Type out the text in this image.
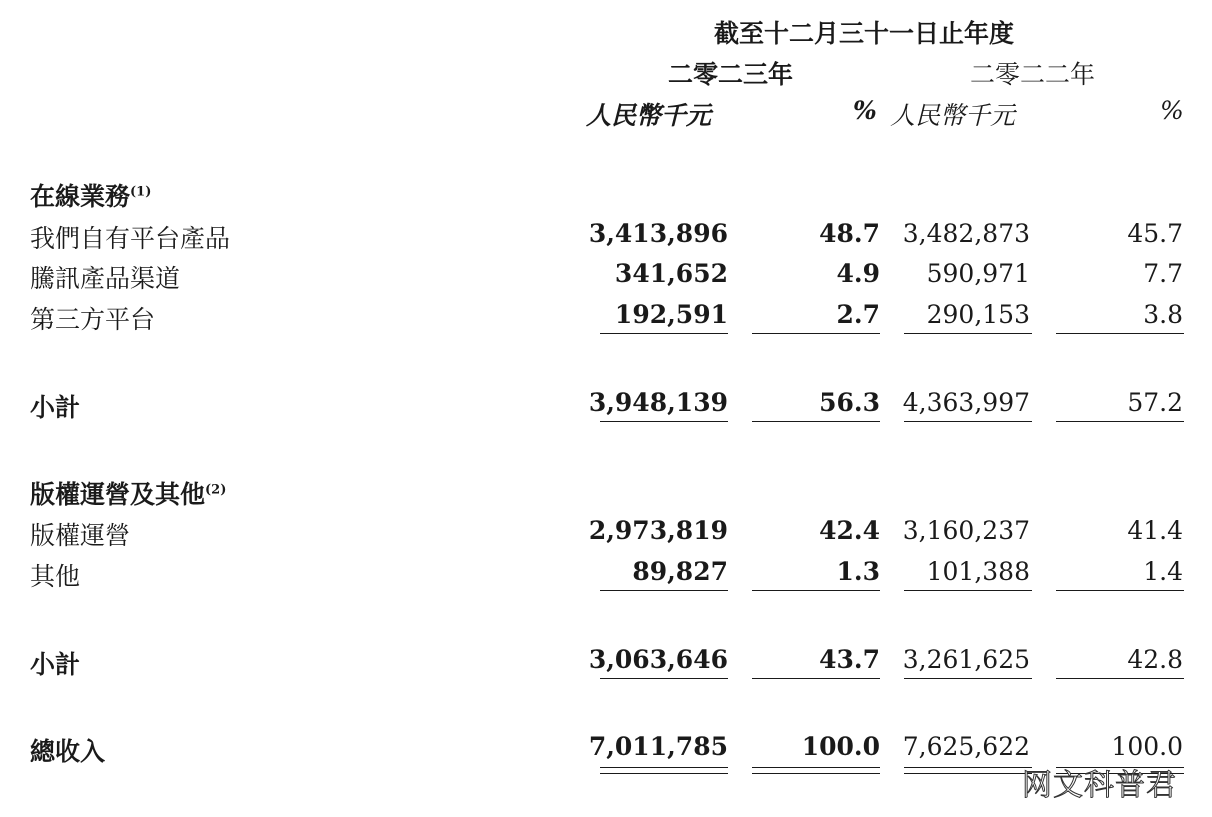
截至十二月三十一日止年度
二零二三年	二零二二年
人民幣千元	% 人民幣千元	%
在線業務$^{(1)}$
我們自有平台產品	3,413,896	48.7 3,482,873	45.7
騰訊產品渠道	341,652	4.9	590,971	7.7
第三方平台	192,591	2.7	290,153	3.8
小計	3,948,139	56.3 4,363,997	57.2
版權運營及其他$^{(2)}$
版權運營	2,973,819	42.4 3,160,237	41.4
其他	89,827	1.3	101,388	1.4
小計	3,063,646	43.7 3,261,625	42.8
總收入	7,011,785	100.0 7,625,622	100.0
网文科普君
